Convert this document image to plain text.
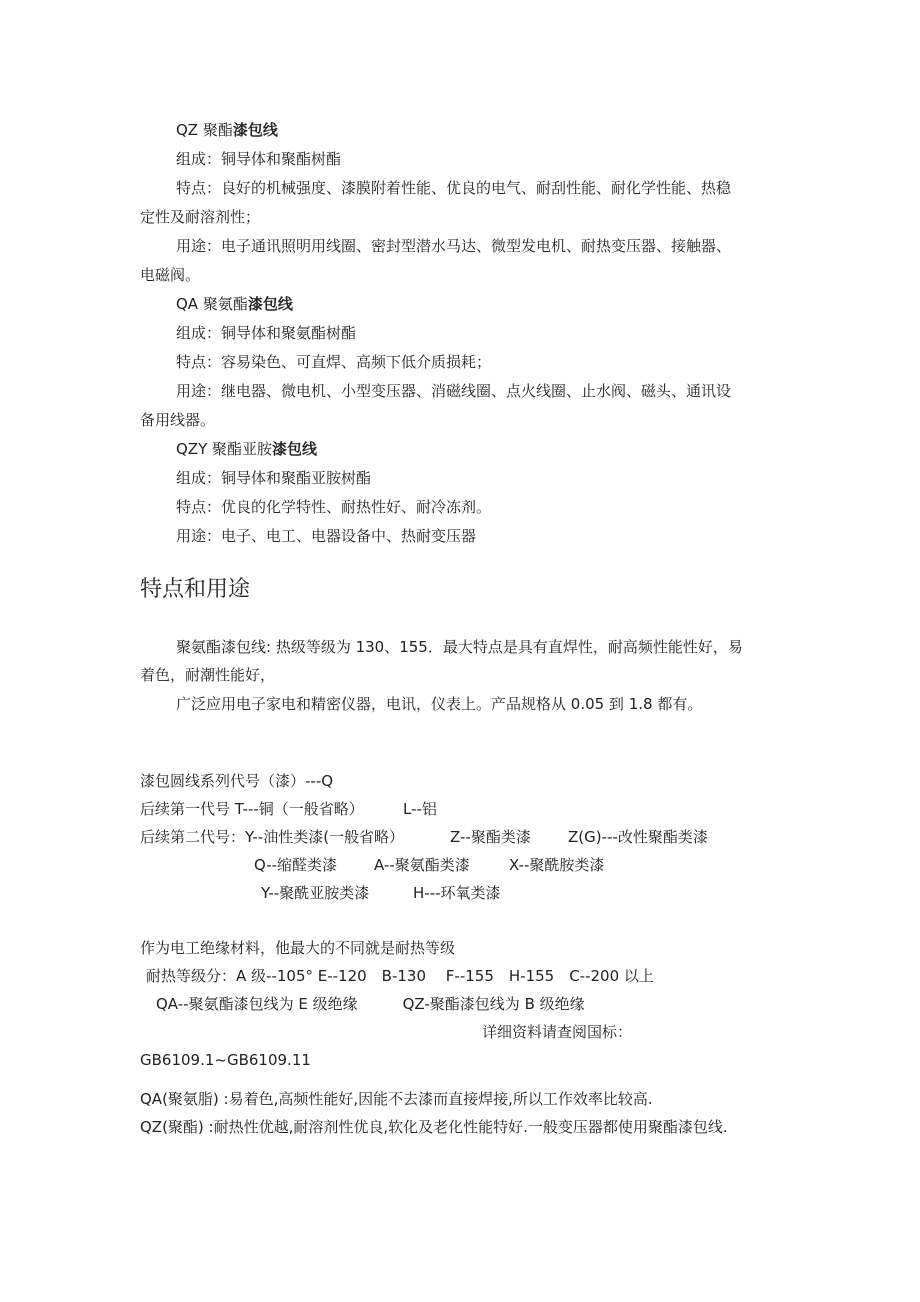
QZ 聚酯漆包线
组成：铜导体和聚酯树酯
特点：良好的机械强度、漆膜附着性能、优良的电气、耐刮性能、耐化学性能、热稳
定性及耐溶剂性；
用途：电子通讯照明用线圈、密封型潜水马达、微型发电机、耐热变压器、接触器、
电磁阀。
QA 聚氨酯漆包线
组成：铜导体和聚氨酯树酯
特点：容易染色、可直焊、高频下低介质损耗；
用途：继电器、微电机、小型变压器、消磁线圈、点火线圈、止水阀、磁头、通讯设
备用线器。
QZY 聚酯亚胺漆包线
组成：铜导体和聚酯亚胺树酯
特点：优良的化学特性、耐热性好、耐冷冻剂。
用途：电子、电工、电器设备中、热耐变压器
特点和用途
聚氨酯漆包线: 热级等级为 130、155．最大特点是具有直焊性，耐高频性能性好，易
着色，耐潮性能好，
广泛应用电子家电和精密仪器，电讯，仪表上。产品规格从 0.05 到 1.8 都有。
漆包圆线系列代号（漆）---Q
后续第一代号 T---铜（一般省略）	L--铝
后续第二代号：Y--油性类漆(一般省略）	Z--聚酯类漆 Z(G)---改性聚酯类漆
Q--缩醛类漆 A--聚氨酯类漆	X--聚酰胺类漆
Y--聚酰亚胺类漆	H---环氧类漆
作为电工绝缘材料，他最大的不同就是耐热等级
耐热等级分：A 级--105° E--120　B-130　 F--155　H-155　C--200 以上
QA--聚氨酯漆包线为 E 级绝缘　　　QZ-聚酯漆包线为 B 级绝缘
详细资料请查阅国标：
GB6109.1~GB6109.11
QA(聚氨脂) :易着色,高频性能好,因能不去漆而直接焊接,所以工作效率比较高.
QZ(聚酯) :耐热性优越,耐溶剂性优良,软化及老化性能特好.一般变压器都使用聚酯漆包线.
